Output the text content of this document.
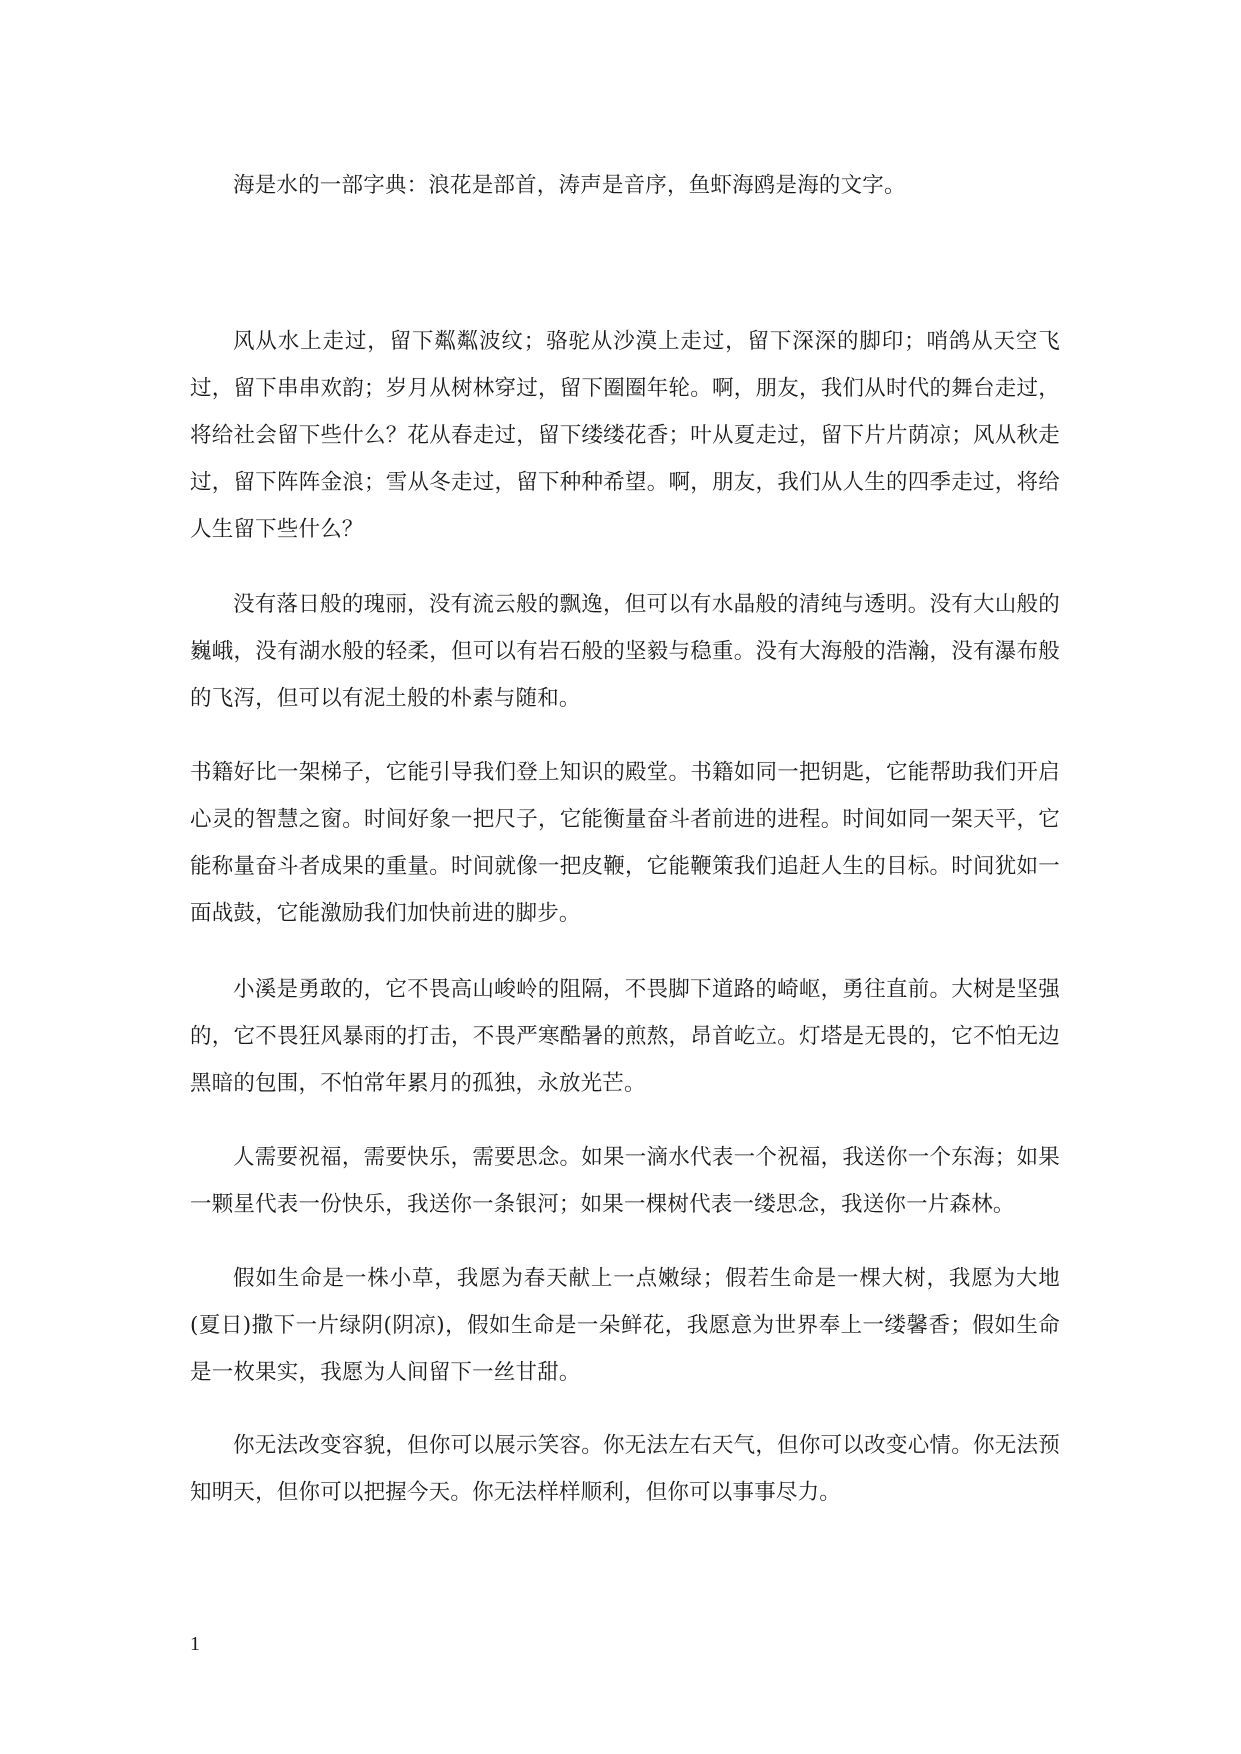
海是水的一部字典：浪花是部首，涛声是音序，鱼虾海鸥是海的文字。

风从水上走过，留下粼粼波纹；骆驼从沙漠上走过，留下深深的脚印；哨鸽从天空飞过，留下串串欢韵；岁月从树林穿过，留下圈圈年轮。啊，朋友，我们从时代的舞台走过，将给社会留下些什么？花从春走过，留下缕缕花香；叶从夏走过，留下片片荫凉；风从秋走过，留下阵阵金浪；雪从冬走过，留下种种希望。啊，朋友，我们从人生的四季走过，将给人生留下些什么？

没有落日般的瑰丽，没有流云般的飘逸，但可以有水晶般的清纯与透明。没有大山般的巍峨，没有湖水般的轻柔，但可以有岩石般的坚毅与稳重。没有大海般的浩瀚，没有瀑布般的飞泻，但可以有泥土般的朴素与随和。

书籍好比一架梯子，它能引导我们登上知识的殿堂。书籍如同一把钥匙，它能帮助我们开启心灵的智慧之窗。时间好象一把尺子，它能衡量奋斗者前进的进程。时间如同一架天平，它能称量奋斗者成果的重量。时间就像一把皮鞭，它能鞭策我们追赶人生的目标。时间犹如一面战鼓，它能激励我们加快前进的脚步。

小溪是勇敢的，它不畏高山峻岭的阻隔，不畏脚下道路的崎岖，勇往直前。大树是坚强的，它不畏狂风暴雨的打击，不畏严寒酷暑的煎熬，昂首屹立。灯塔是无畏的，它不怕无边黑暗的包围，不怕常年累月的孤独，永放光芒。

人需要祝福，需要快乐，需要思念。如果一滴水代表一个祝福，我送你一个东海；如果一颗星代表一份快乐，我送你一条银河；如果一棵树代表一缕思念，我送你一片森林。

假如生命是一株小草，我愿为春天献上一点嫩绿；假若生命是一棵大树，我愿为大地(夏日)撒下一片绿阴(阴凉)，假如生命是一朵鲜花，我愿意为世界奉上一缕馨香；假如生命是一枚果实，我愿为人间留下一丝甘甜。

你无法改变容貌，但你可以展示笑容。你无法左右天气，但你可以改变心情。你无法预知明天，但你可以把握今天。你无法样样顺利，但你可以事事尽力。

1
